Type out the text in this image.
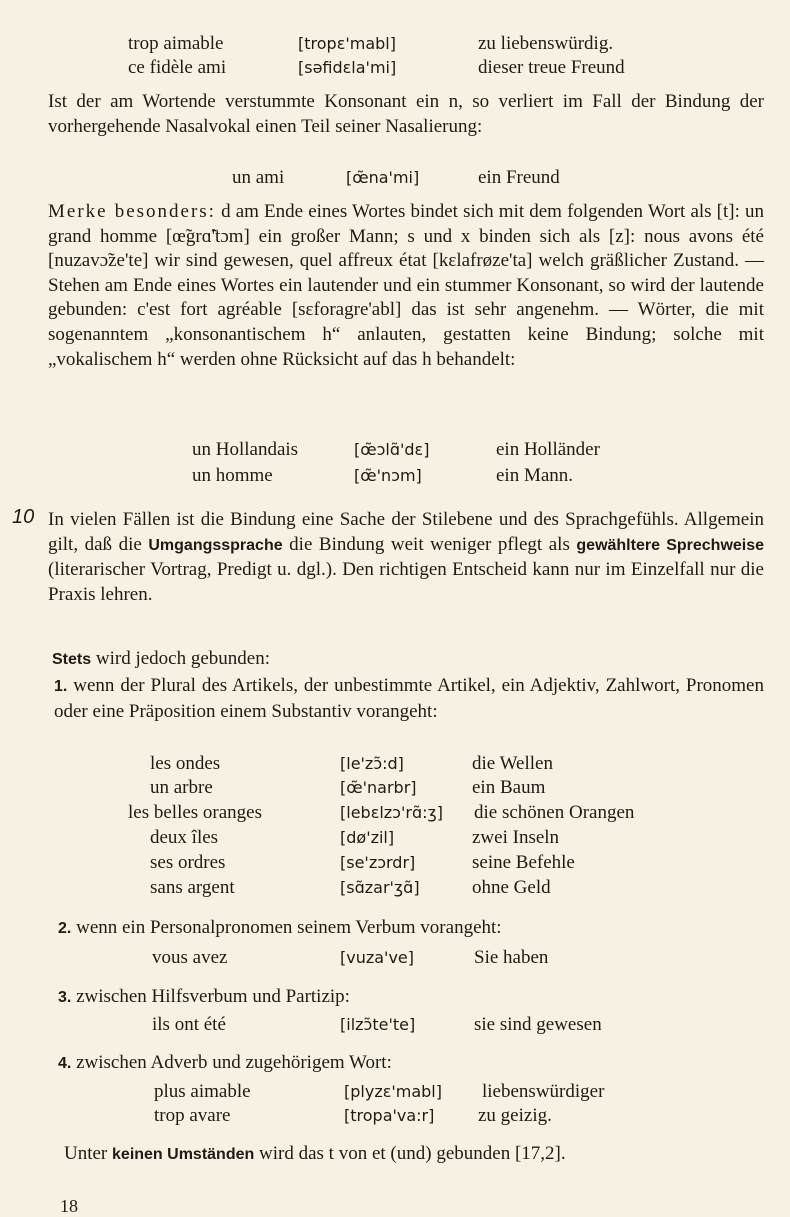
trop aimable	[tropɛ'mabl]	zu liebenswürdig.
ce fidèle ami	[səfidɛla'mi]	dieser treue Freund

Ist der am Wortende verstummte Konsonant ein n, so verliert im Fall der Bindung der vorhergehende Nasalvokal einen Teil seiner Nasalierung:

un ami	[œ̃na'mi]	ein Freund

Merke besonders: d am Ende eines Wortes bindet sich mit dem folgenden Wort als [t]: un grand homme [œ̃grɑ̃'tɔm] ein großer Mann; s und x binden sich als [z]: nous avons été [nuzavɔ̃ze'te] wir sind gewesen, quel affreux état [kɛlafrøze'ta] welch gräßlicher Zustand. — Stehen am Ende eines Wortes ein lautender und ein stummer Konsonant, so wird der lautende gebunden: c'est fort agréable [sɛforagre'abl] das ist sehr angenehm. — Wörter, die mit sogenanntem „konsonantischem h“ anlauten, gestatten keine Bindung; solche mit „vokalischem h“ werden ohne Rücksicht auf das h behandelt:

un Hollandais	[œ̃ɔlɑ̃'dɛ]	ein Holländer
un homme	[œ̃'nɔm]	ein Mann.
10 In vielen Fällen ist die Bindung eine Sache der Stilebene und des Sprachgefühls. Allgemein gilt, daß die Umgangssprache die Bindung weit weniger pflegt als gewähltere Sprechweise (literarischer Vortrag, Predigt u. dgl.). Den richtigen Entscheid kann nur im Einzelfall nur die Praxis lehren.

Stets wird jedoch gebunden:

1. wenn der Plural des Artikels, der unbestimmte Artikel, ein Adjektiv, Zahlwort, Pronomen oder eine Präposition einem Substantiv vorangeht:

les ondes	[le'zɔ̃:d]	die Wellen
un arbre	[œ̃'narbr]	ein Baum
les belles oranges	[lebɛlzɔ'rɑ̃:ʒ] die schönen Orangen
deux îles	[dø'zil]	zwei Inseln
ses ordres	[se'zɔrdr]	seine Befehle
sans argent	[sɑ̃zar'ʒɑ̃]	ohne Geld
2. wenn ein Personalpronomen seinem Verbum vorangeht:
vous avez	[vuza've]	Sie haben
3. zwischen Hilfsverbum und Partizip:
ils ont été	[ilzɔ̃te'te]	sie sind gewesen
4. zwischen Adverb und zugehörigem Wort:
plus aimable	[plyzɛ'mabl] liebenswürdiger
trop avare	[tropa'va:r] zu geizig.
Unter keinen Umständen wird das t von et (und) gebunden [17,2].
18
